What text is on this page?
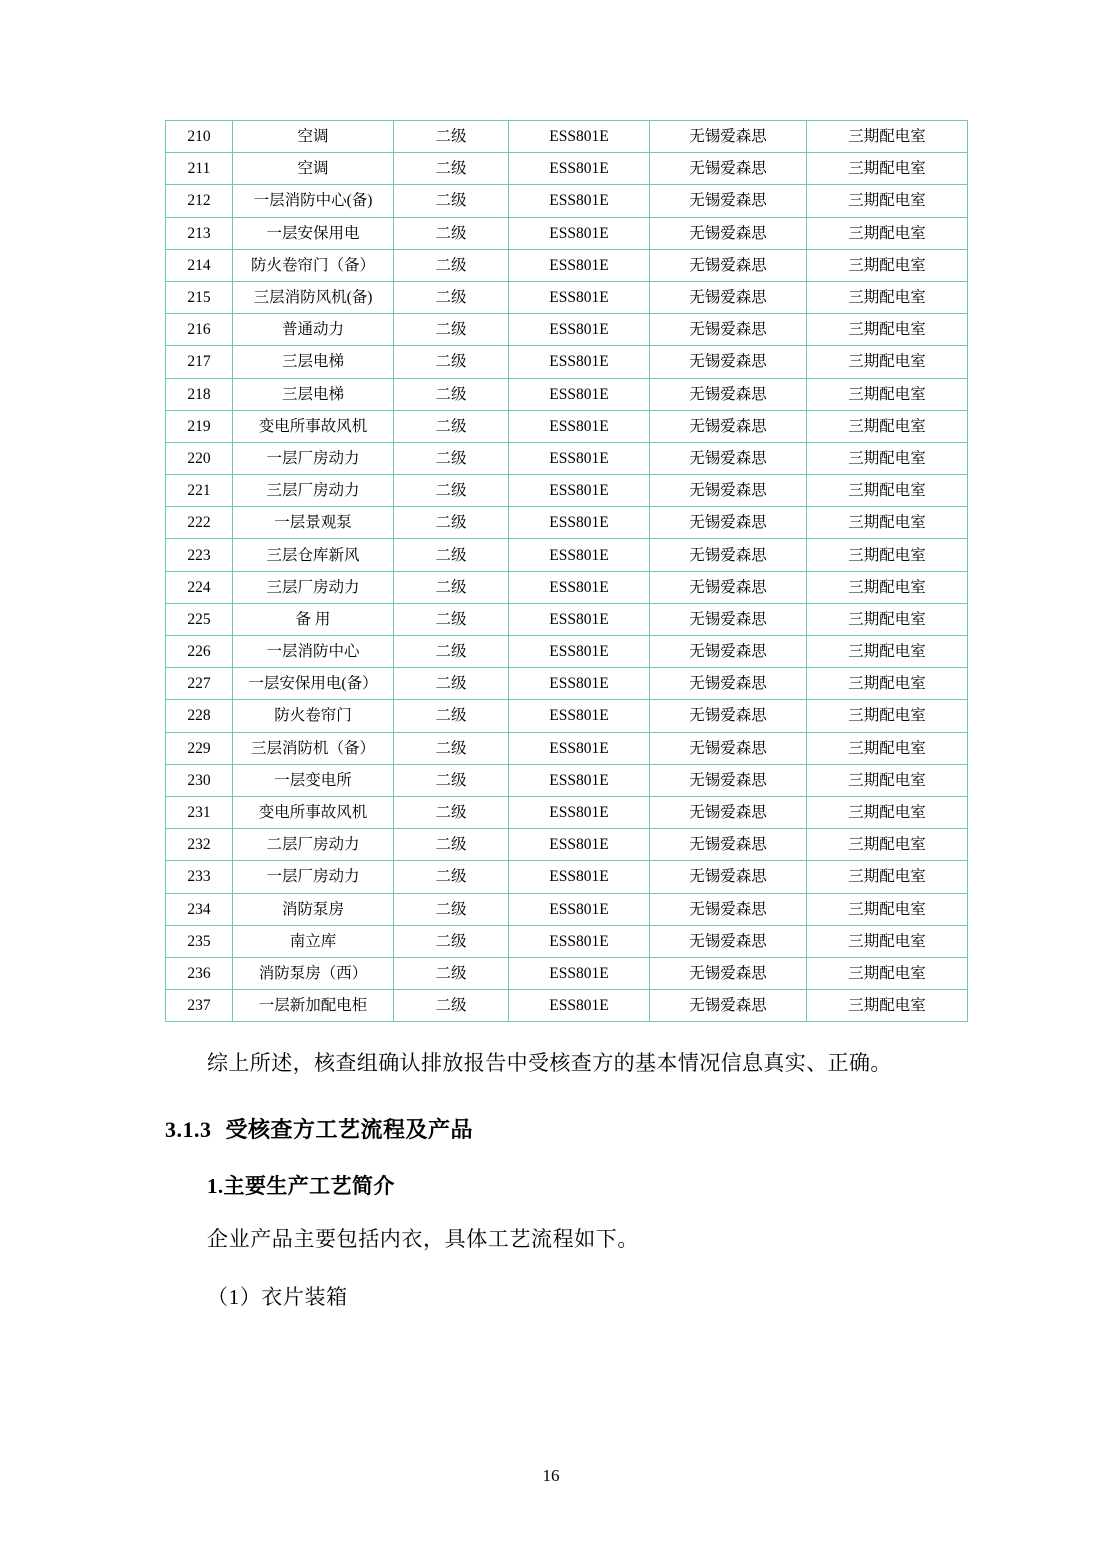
210	空调	二级	ESS801E	无锡爱森思	三期配电室
211	空调	二级	ESS801E	无锡爱森思	三期配电室
212	一层消防中心(备)	二级	ESS801E	无锡爱森思	三期配电室
213	一层安保用电	二级	ESS801E	无锡爱森思	三期配电室
214	防火卷帘门（备）	二级	ESS801E	无锡爱森思	三期配电室
215	三层消防风机(备)	二级	ESS801E	无锡爱森思	三期配电室
216	普通动力	二级	ESS801E	无锡爱森思	三期配电室
217	三层电梯	二级	ESS801E	无锡爱森思	三期配电室
218	三层电梯	二级	ESS801E	无锡爱森思	三期配电室
219	变电所事故风机	二级	ESS801E	无锡爱森思	三期配电室
220	一层厂房动力	二级	ESS801E	无锡爱森思	三期配电室
221	三层厂房动力	二级	ESS801E	无锡爱森思	三期配电室
222	一层景观泵	二级	ESS801E	无锡爱森思	三期配电室
223	三层仓库新风	二级	ESS801E	无锡爱森思	三期配电室
224	三层厂房动力	二级	ESS801E	无锡爱森思	三期配电室
225	备 用	二级	ESS801E	无锡爱森思	三期配电室
226	一层消防中心	二级	ESS801E	无锡爱森思	三期配电室
227	一层安保用电(备）	二级	ESS801E	无锡爱森思	三期配电室
228	防火卷帘门	二级	ESS801E	无锡爱森思	三期配电室
229	三层消防机（备）	二级	ESS801E	无锡爱森思	三期配电室
230	一层变电所	二级	ESS801E	无锡爱森思	三期配电室
231	变电所事故风机	二级	ESS801E	无锡爱森思	三期配电室
232	二层厂房动力	二级	ESS801E	无锡爱森思	三期配电室
233	一层厂房动力	二级	ESS801E	无锡爱森思	三期配电室
234	消防泵房	二级	ESS801E	无锡爱森思	三期配电室
235	南立库	二级	ESS801E	无锡爱森思	三期配电室
236	消防泵房（西）	二级	ESS801E	无锡爱森思	三期配电室
237	一层新加配电柜	二级	ESS801E	无锡爱森思	三期配电室

综上所述，核查组确认排放报告中受核查方的基本情况信息真实、正确。

3.1.3 受核查方工艺流程及产品
1.主要生产工艺简介

企业产品主要包括内衣，具体工艺流程如下。

（1）衣片装箱

16
